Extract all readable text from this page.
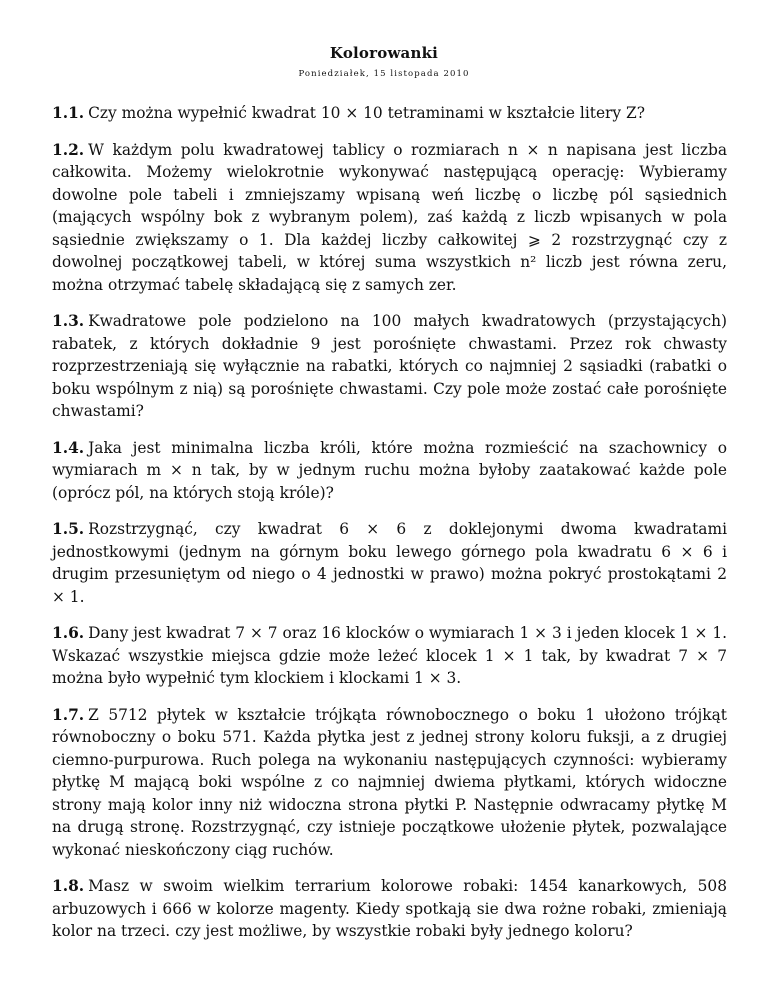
Kolorowanki
Poniedziałek, 15 listopada 2010

1.1. Czy można wypełnić kwadrat 10 × 10 tetraminami w kształcie litery Z?

1.2. W każdym polu kwadratowej tablicy o rozmiarach n × n napisana jest liczba całkowita. Możemy wielokrotnie wykonywać następującą operację: Wybieramy dowolne pole tabeli i zmniejszamy wpisaną weń liczbę o liczbę pól sąsiednich (mających wspólny bok z wybranym polem), zaś każdą z liczb wpisanych w pola sąsiednie zwiększamy o 1. Dla każdej liczby całkowitej ⩾ 2 rozstrzygnąć czy z dowolnej początkowej tabeli, w której suma wszystkich n² liczb jest równa zeru, można otrzymać tabelę składającą się z samych zer.

1.3. Kwadratowe pole podzielono na 100 małych kwadratowych (przystających) rabatek, z których dokładnie 9 jest porośnięte chwastami. Przez rok chwasty rozprzestrzeniają się wyłącznie na rabatki, których co najmniej 2 sąsiadki (rabatki o boku wspólnym z nią) są porośnięte chwastami. Czy pole może zostać całe porośnięte chwastami?

1.4. Jaka jest minimalna liczba króli, które można rozmieścić na szachownicy o wymiarach m × n tak, by w jednym ruchu można byłoby zaatakować każde pole (oprócz pól, na których stoją króle)?

1.5. Rozstrzygnąć, czy kwadrat 6 × 6 z doklejonymi dwoma kwadratami jednostkowymi (jednym na górnym boku lewego górnego pola kwadratu 6 × 6 i drugim przesuniętym od niego o 4 jednostki w prawo) można pokryć prostokątami 2 × 1.

1.6. Dany jest kwadrat 7 × 7 oraz 16 klocków o wymiarach 1 × 3 i jeden klocek 1 × 1. Wskazać wszystkie miejsca gdzie może leżeć klocek 1 × 1 tak, by kwadrat 7 × 7 można było wypełnić tym klockiem i klockami 1 × 3.

1.7. Z 5712 płytek w kształcie trójkąta równobocznego o boku 1 ułożono trójkąt równoboczny o boku 571. Każda płytka jest z jednej strony koloru fuksji, a z drugiej ciemno-purpurowa. Ruch polega na wykonaniu następujących czynności: wybieramy płytkę M mającą boki wspólne z co najmniej dwiema płytkami, których widoczne strony mają kolor inny niż widoczna strona płytki P. Następnie odwracamy płytkę M na drugą stronę. Rozstrzygnąć, czy istnieje początkowe ułożenie płytek, pozwalające wykonać nieskończony ciąg ruchów.

1.8. Masz w swoim wielkim terrarium kolorowe robaki: 1454 kanarkowych, 508 arbuzowych i 666 w kolorze magenty. Kiedy spotkają sie dwa rożne robaki, zmieniają kolor na trzeci. czy jest możliwe, by wszystkie robaki były jednego koloru?
